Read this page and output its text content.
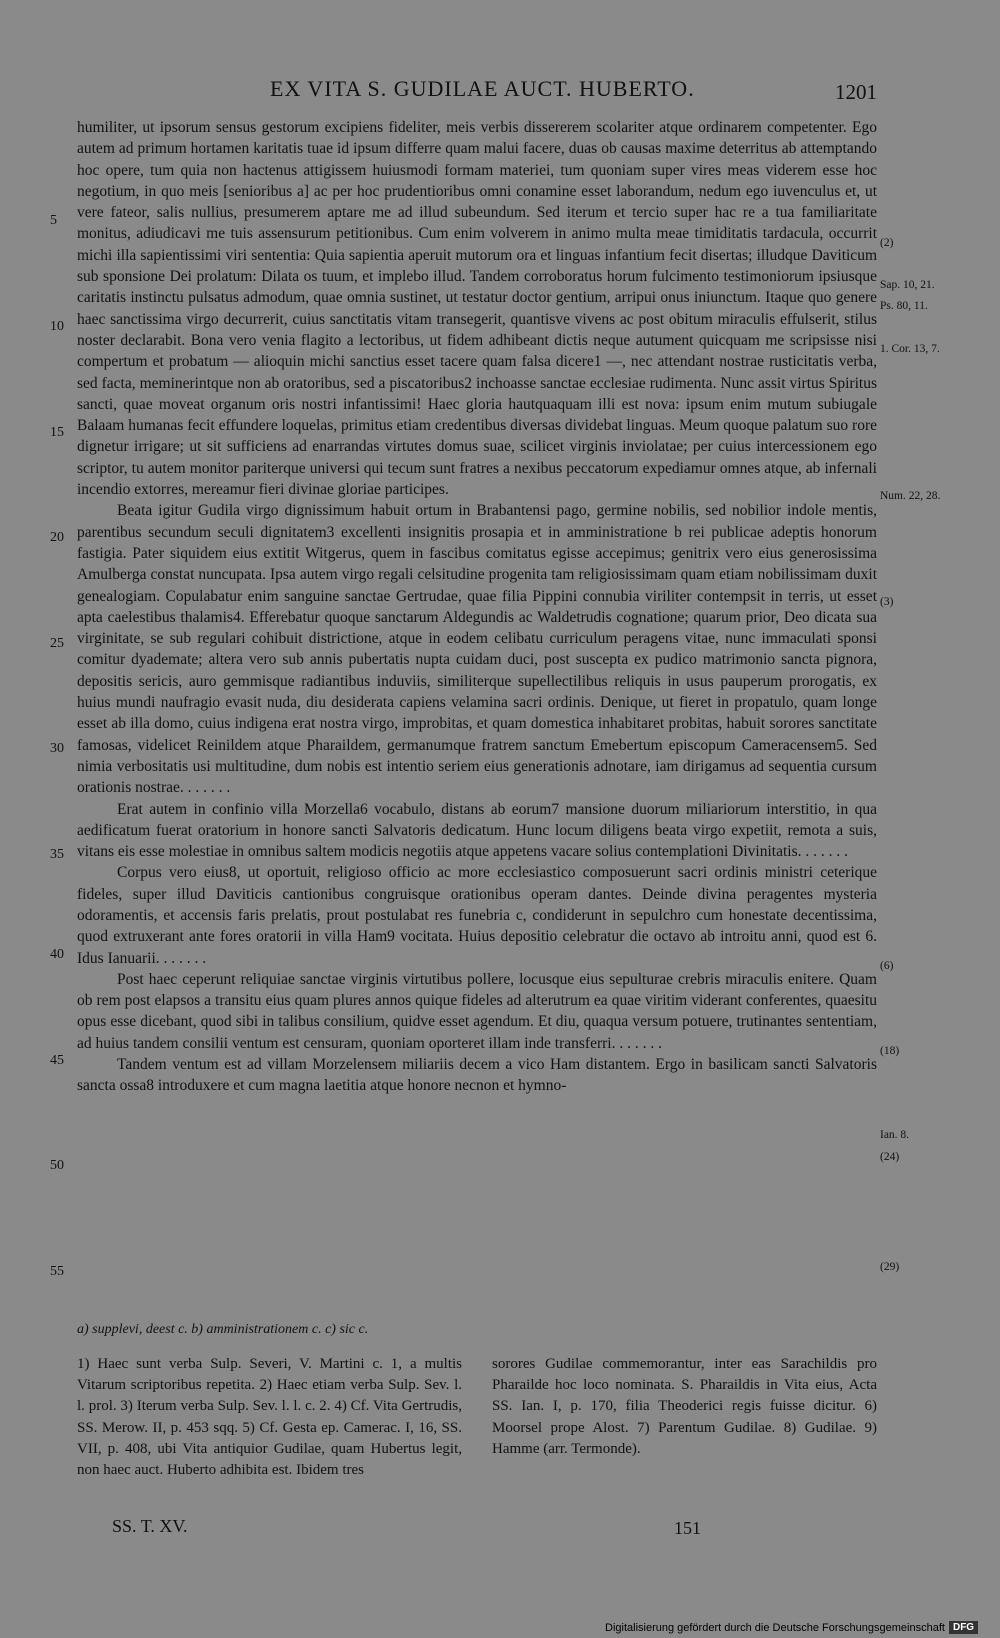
EX VITA S. GUDILAE AUCT. HUBERTO.	1201
5
10
15
20
25
30
35
40
45
50
55
(2)
Sap. 10, 21.
Ps. 80, 11.
1. Cor. 13, 7.
Num. 22, 28.
(3)
(6)
(18)
Ian. 8.
(24)
(29)

humiliter, ut ipsorum sensus gestorum excipiens fideliter, meis verbis dissererem scolariter atque ordinarem competenter. Ego autem ad primum hortamen karitatis tuae id ipsum differre quam malui facere, duas ob causas maxime deterritus ab attemptando hoc opere, tum quia non hactenus attigissem huiusmodi formam materiei, tum quoniam super vires meas viderem esse hoc negotium, in quo meis [senioribus a] ac per hoc prudentioribus omni conamine esset laborandum, nedum ego iuvenculus et, ut vere fateor, salis nullius, presumerem aptare me ad illud subeundum. Sed iterum et tercio super hac re a tua familiaritate monitus, adiudicavi me tuis assensurum petitionibus. Cum enim volverem in animo multa meae timiditatis tardacula, occurrit michi illa sapientissimi viri sententia: Quia sapientia aperuit mutorum ora et linguas infantium fecit disertas; illudque Daviticum sub sponsione Dei prolatum: Dilata os tuum, et implebo illud. Tandem corroboratus horum fulcimento testimoniorum ipsiusque caritatis instinctu pulsatus admodum, quae omnia sustinet, ut testatur doctor gentium, arripui onus iniunctum. Itaque quo genere haec sanctissima virgo decurrerit, cuius sanctitatis vitam transegerit, quantisve vivens ac post obitum miraculis effulserit, stilus noster declarabit. Bona vero venia flagito a lectoribus, ut fidem adhibeant dictis neque autument quicquam me scripsisse nisi compertum et probatum — alioquin michi sanctius esset tacere quam falsa dicere1 —, nec attendant nostrae rusticitatis verba, sed facta, meminerintque non ab oratoribus, sed a piscatoribus2 inchoasse sanctae ecclesiae rudimenta. Nunc assit virtus Spiritus sancti, quae moveat organum oris nostri infantissimi! Haec gloria hautquaquam illi est nova: ipsum enim mutum subiugale Balaam humanas fecit effundere loquelas, primitus etiam credentibus diversas dividebat linguas. Meum quoque palatum suo rore dignetur irrigare; ut sit sufficiens ad enarrandas virtutes domus suae, scilicet virginis inviolatae; per cuius intercessionem ego scriptor, tu autem monitor pariterque universi qui tecum sunt fratres a nexibus peccatorum expediamur omnes atque, ab infernali incendio extorres, mereamur fieri divinae gloriae participes.

Beata igitur Gudila virgo dignissimum habuit ortum in Brabantensi pago, germine nobilis, sed nobilior indole mentis, parentibus secundum seculi dignitatem3 excellenti insignitis prosapia et in amministratione b rei publicae adeptis honorum fastigia. Pater siquidem eius extitit Witgerus, quem in fascibus comitatus egisse accepimus; genitrix vero eius generosissima Amulberga constat nuncupata. Ipsa autem virgo regali celsitudine progenita tam religiosissimam quam etiam nobilissimam duxit genealogiam. Copulabatur enim sanguine sanctae Gertrudae, quae filia Pippini connubia viriliter contempsit in terris, ut esset apta caelestibus thalamis4. Efferebatur quoque sanctarum Aldegundis ac Waldetrudis cognatione; quarum prior, Deo dicata sua virginitate, se sub regulari cohibuit districtione, atque in eodem celibatu curriculum peragens vitae, nunc immaculati sponsi comitur dyademate; altera vero sub annis pubertatis nupta cuidam duci, post suscepta ex pudico matrimonio sancta pignora, depositis sericis, auro gemmisque radiantibus induviis, similiterque supellectilibus reliquis in usus pauperum prorogatis, ex huius mundi naufragio evasit nuda, diu desiderata capiens velamina sacri ordinis. Denique, ut fieret in propatulo, quam longe esset ab illa domo, cuius indigena erat nostra virgo, improbitas, et quam domestica inhabitaret probitas, habuit sorores sanctitate famosas, videlicet Reinildem atque Pharaildem, germanumque fratrem sanctum Emebertum episcopum Cameracensem5. Sed nimia verbositatis usi multitudine, dum nobis est intentio seriem eius generationis adnotare, iam dirigamus ad sequentia cursum orationis nostrae. . . . . . .

Erat autem in confinio villa Morzella6 vocabulo, distans ab eorum7 mansione duorum miliariorum interstitio, in qua aedificatum fuerat oratorium in honore sancti Salvatoris dedicatum. Hunc locum diligens beata virgo expetiit, remota a suis, vitans eis esse molestiae in omnibus saltem modicis negotiis atque appetens vacare solius contemplationi Divinitatis. . . . . . .

Corpus vero eius8, ut oportuit, religioso officio ac more ecclesiastico composuerunt sacri ordinis ministri ceterique fideles, super illud Daviticis cantionibus congruisque orationibus operam dantes. Deinde divina peragentes mysteria odoramentis, et accensis faris prelatis, prout postulabat res funebria c, condiderunt in sepulchro cum honestate decentissima, quod extruxerant ante fores oratorii in villa Ham9 vocitata. Huius depositio celebratur die octavo ab introitu anni, quod est 6. Idus Ianuarii. . . . . . .

Post haec ceperunt reliquiae sanctae virginis virtutibus pollere, locusque eius sepulturae crebris miraculis enitere. Quam ob rem post elapsos a transitu eius quam plures annos quique fideles ad alterutrum ea quae viritim viderant conferentes, quaesitu opus esse dicebant, quod sibi in talibus consilium, quidve esset agendum. Et diu, quaqua versum potuere, trutinantes sententiam, ad huius tandem consilii ventum est censuram, quoniam oporteret illam inde transferri. . . . . . .

Tandem ventum est ad villam Morzelensem miliariis decem a vico Ham distantem. Ergo in basilicam sancti Salvatoris sancta ossa8 introduxere et cum magna laetitia atque honore necnon et hymno-

a) supplevi, deest c. b) amministrationem c. c) sic c.
1) Haec sunt verba Sulp. Severi, V. Martini c. 1, a multis Vitarum scriptoribus repetita. 2) Haec etiam verba Sulp. Sev. l. l. prol. 3) Iterum verba Sulp. Sev. l. l. c. 2. 4) Cf. Vita Gertrudis, SS. Merow. II, p. 453 sqq. 5) Cf. Gesta ep. Camerac. I, 16, SS. VII, p. 408, ubi Vita antiquior Gudilae, quam Hubertus legit, non haec auct. Huberto adhibita est. Ibidem tres
sorores Gudilae commemorantur, inter eas Sarachildis pro Pharailde hoc loco nominata. S. Pharaildis in Vita eius, Acta SS. Ian. I, p. 170, filia Theoderici regis fuisse dicitur. 6) Moorsel prope Alost. 7) Parentum Gudilae. 8) Gudilae. 9) Hamme (arr. Termonde).
SS. T. XV.	151
Digitalisierung gefördert durch die Deutsche Forschungsgemeinschaft DFG
